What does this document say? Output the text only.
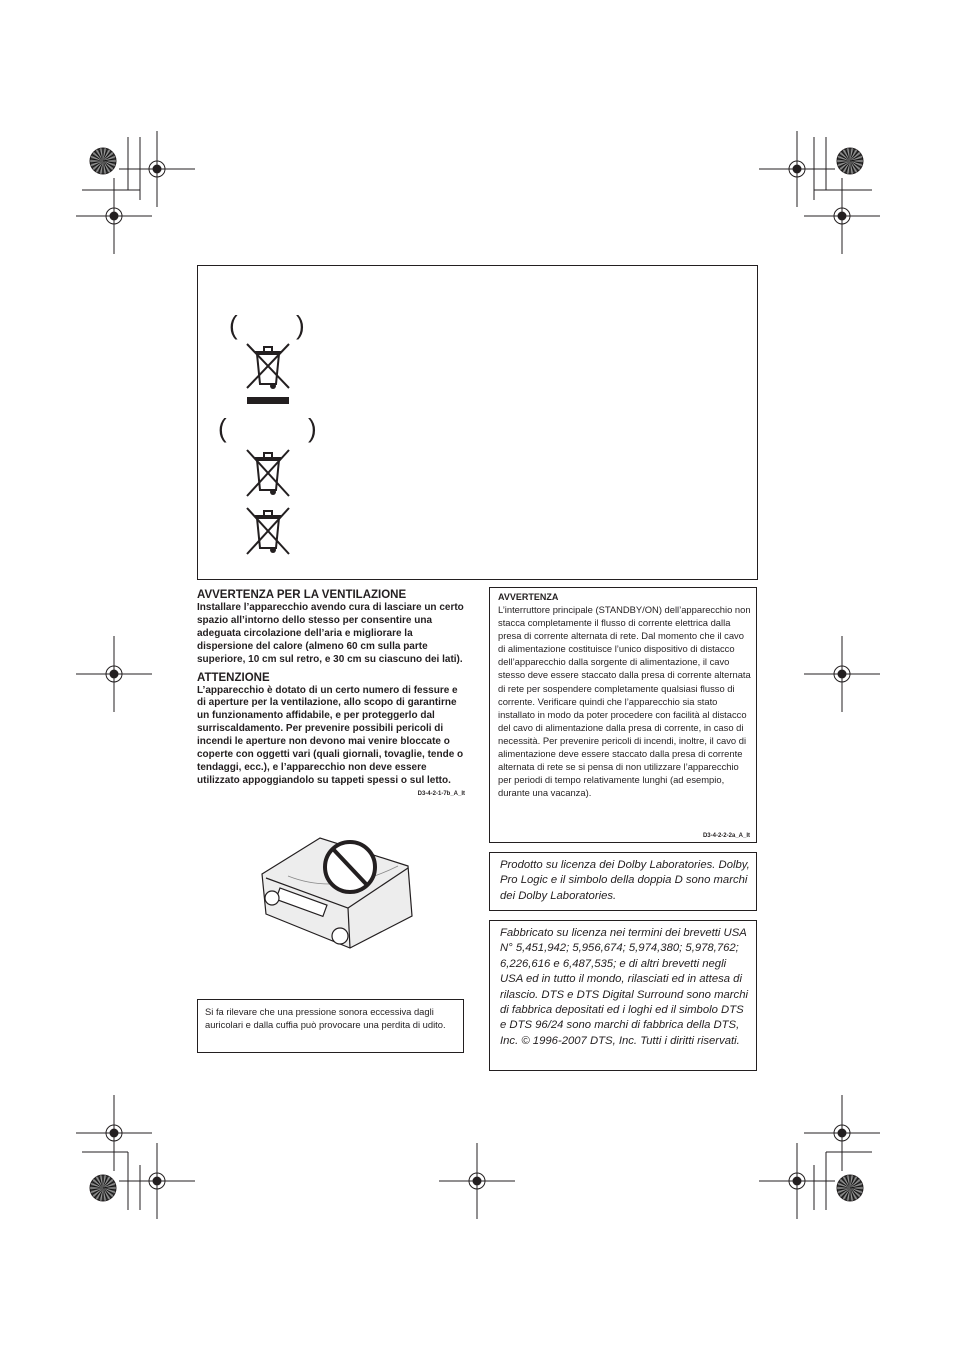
( )
(	)

AVVERTENZA PER LA VENTILAZIONE

Installare l’apparecchio avendo cura di lasciare un certo spazio all’intorno dello stesso per consentire una adeguata circolazione dell’aria e migliorare la dispersione del calore (almeno 60 cm sulla parte superiore, 10 cm sul retro, e 30 cm su ciascuno dei lati).

ATTENZIONE

L’apparecchio è dotato di un certo numero di fessure e di aperture per la ventilazione, allo scopo di garantirne un funzionamento affidabile, e per proteggerlo dal surriscaldamento. Per prevenire possibili pericoli di incendi le aperture non devono mai venire bloccate o coperte con oggetti vari (quali giornali, tovaglie, tende o tendaggi, ecc.), e l’apparecchio non deve essere utilizzato appoggiandolo su tappeti spessi o sul letto.

D3-4-2-1-7b_A_It

AVVERTENZA

L’interruttore principale (STANDBY/ON) dell’apparecchio non stacca completamente il flusso di corrente elettrica dalla presa di corrente alternata di rete. Dal momento che il cavo di alimentazione costituisce l’unico dispositivo di distacco dell’apparecchio dalla sorgente di alimentazione, il cavo stesso deve essere staccato dalla presa di corrente alternata di rete per sospendere completamente qualsiasi flusso di corrente. Verificare quindi che l’apparecchio sia stato installato in modo da poter procedere con facilità al distacco del cavo di alimentazione dalla presa di corrente, in caso di necessità. Per prevenire pericoli di incendi, inoltre, il cavo di alimentazione deve essere staccato dalla presa di corrente alternata di rete se si pensa di non utilizzare l’apparecchio per periodi di tempo relativamente lunghi (ad esempio, durante una vacanza).

D3-4-2-2-2a_A_It

Prodotto su licenza dei Dolby Laboratories. Dolby, Pro Logic e il simbolo della doppia D sono marchi dei Dolby Laboratories.

Fabbricato su licenza nei termini dei brevetti USA N° 5,451,942; 5,956,674; 5,974,380; 5,978,762; 6,226,616 e 6,487,535; e di altri brevetti negli USA ed in tutto il mondo, rilasciati ed in attesa di rilascio. DTS e DTS Digital Surround sono marchi di fabbrica depositati ed i loghi ed il simbolo DTS e DTS 96/24 sono marchi di fabbrica della DTS, Inc. © 1996-2007 DTS, Inc. Tutti i diritti riservati.

Si fa rilevare che una pressione sonora eccessiva dagli auricolari e dalla cuffia può provocare una perdita di udito.
